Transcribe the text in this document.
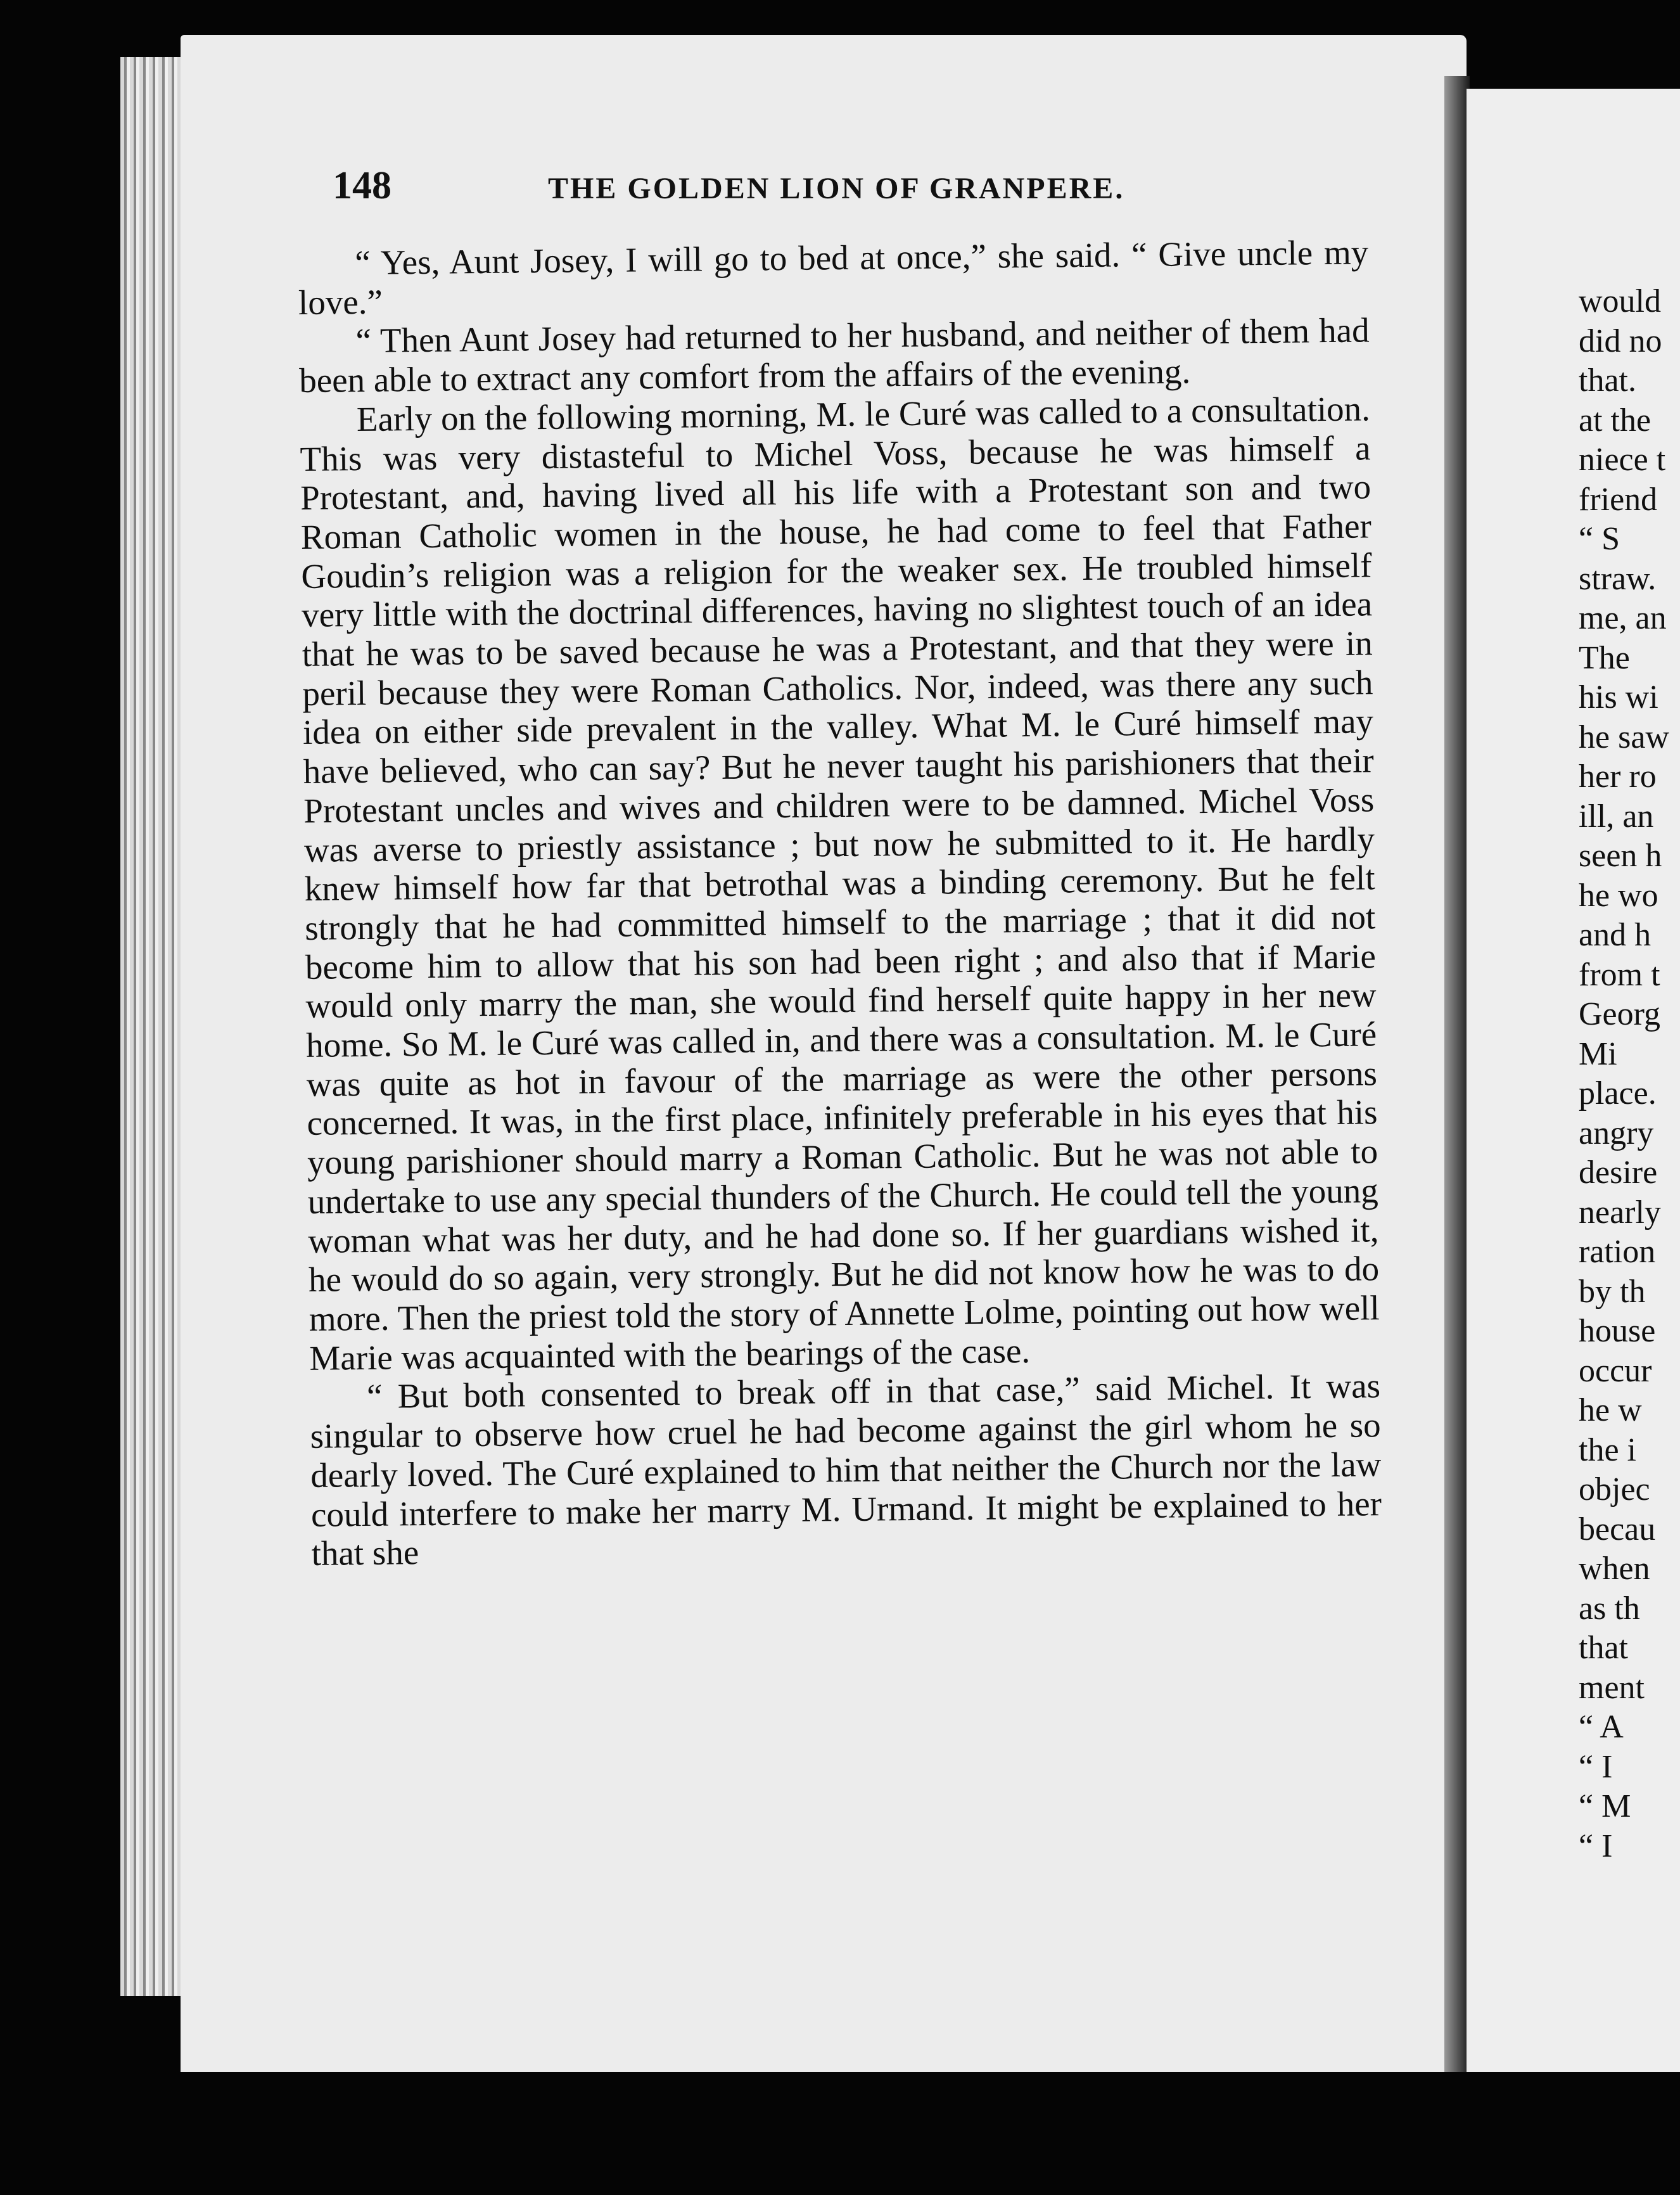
148	THE GOLDEN LION OF GRANPERE.

“ Yes, Aunt Josey, I will go to bed at once,” she said. “ Give uncle my love.”

“ Then Aunt Josey had returned to her husband, and neither of them had been able to extract any comfort from the affairs of the evening.

Early on the following morning, M. le Curé was called to a consultation. This was very distasteful to Michel Voss, because he was himself a Protestant, and, having lived all his life with a Protestant son and two Roman Catholic women in the house, he had come to feel that Father Goudin’s religion was a religion for the weaker sex. He troubled himself very little with the doctrinal differences, having no slightest touch of an idea that he was to be saved because he was a Protestant, and that they were in peril because they were Roman Catholics. Nor, indeed, was there any such idea on either side prevalent in the valley. What M. le Curé himself may have believed, who can say? But he never taught his parishioners that their Protestant uncles and wives and children were to be damned. Michel Voss was averse to priestly assistance ; but now he submitted to it. He hardly knew himself how far that betrothal was a binding ceremony. But he felt strongly that he had committed himself to the marriage ; that it did not become him to allow that his son had been right ; and also that if Marie would only marry the man, she would find herself quite happy in her new home. So M. le Curé was called in, and there was a consultation. M. le Curé was quite as hot in favour of the marriage as were the other persons concerned. It was, in the first place, infinitely preferable in his eyes that his young parishioner should marry a Roman Catholic. But he was not able to undertake to use any special thunders of the Church. He could tell the young woman what was her duty, and he had done so. If her guardians wished it, he would do so again, very strongly. But he did not know how he was to do more. Then the priest told the story of Annette Lolme, pointing out how well Marie was acquainted with the bearings of the case.

“ But both consented to break off in that case,” said Michel. It was singular to observe how cruel he had become against the girl whom he so dearly loved. The Curé explained to him that neither the Church nor the law could interfere to make her marry M. Urmand. It might be explained to her that she

would
did no
that.
at the
niece t
friend
“ S
straw.
me, an
The
his wi
he saw
her ro
ill, an
seen h
he wo
and h
from t
Georg
Mi
place.
angry
desire
nearly
ration
by th
house
occur
he w
the i
objec
becau
when
as th
that
ment
“ A
“ I
“ M
“ I
